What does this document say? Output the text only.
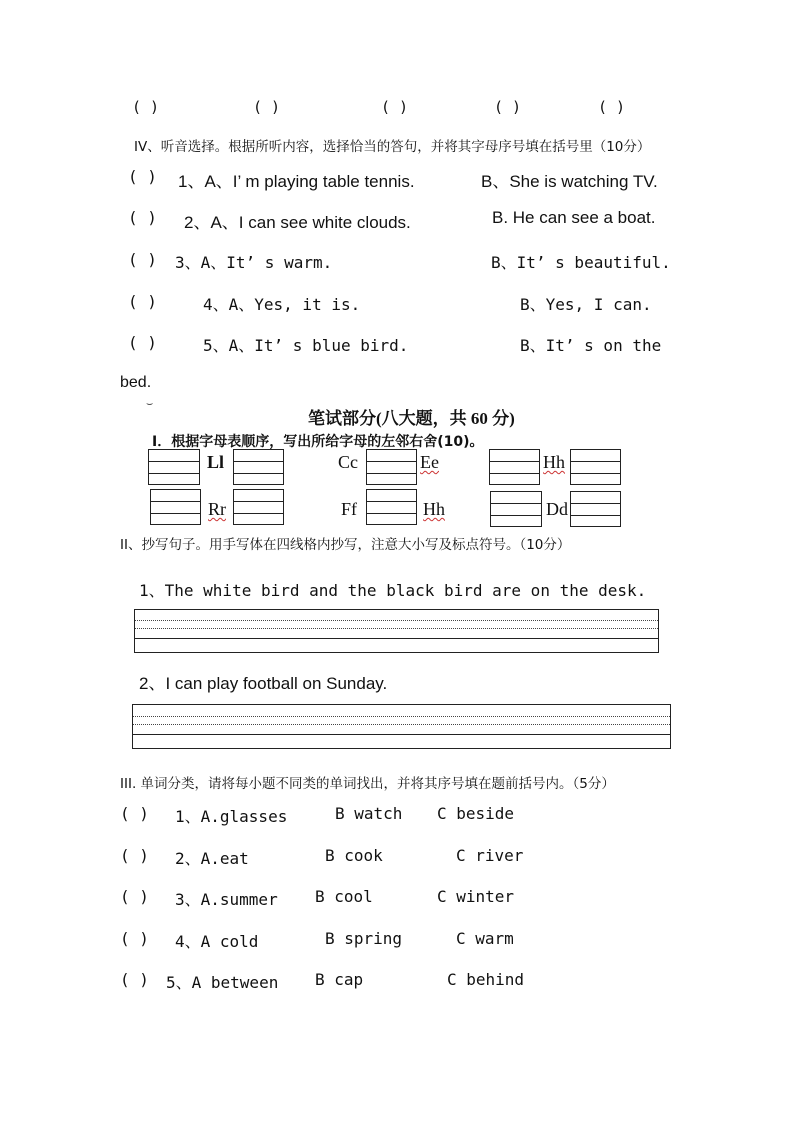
( )	( )	( )	( )	( )
IV、听音选择。根据所听内容，选择恰当的答句，并将其字母序号填在括号里（10分）
( ) 1、A、I’ m playing table tennis.	B、She is watching TV.
( ) 2、A、I can see white clouds.	B. He can see a boat.
( ) 3、A、It’ s warm.	B、It’ s beautiful.
( )	4、A、Yes, it is.	B、Yes, I can.
( )	5、A、It’ s blue bird.	B、It’ s on the
bed.
⌣
笔试部分(八大题，共 60 分)
I．根据字母表顺序，写出所给字母的左邻右舍(10)。
Ll	Cc	Ee	Hh
Rr	Ff	Hh	Dd
II、抄写句子。用手写体在四线格内抄写，注意大小写及标点符号。（10分）
1、The white bird and the black bird are on the desk.
2、I can play football on Sunday.
III. 单词分类，请将每小题不同类的单词找出，并将其序号填在题前括号内。（5分）
( ) 1、A.glasses	B watch C beside
( ) 2、A.eat	B cook	C river
( ) 3、A.summer B cool	C winter
( ) 4、A cold	B spring	C warm
( ) 5、A between B cap	C behind
